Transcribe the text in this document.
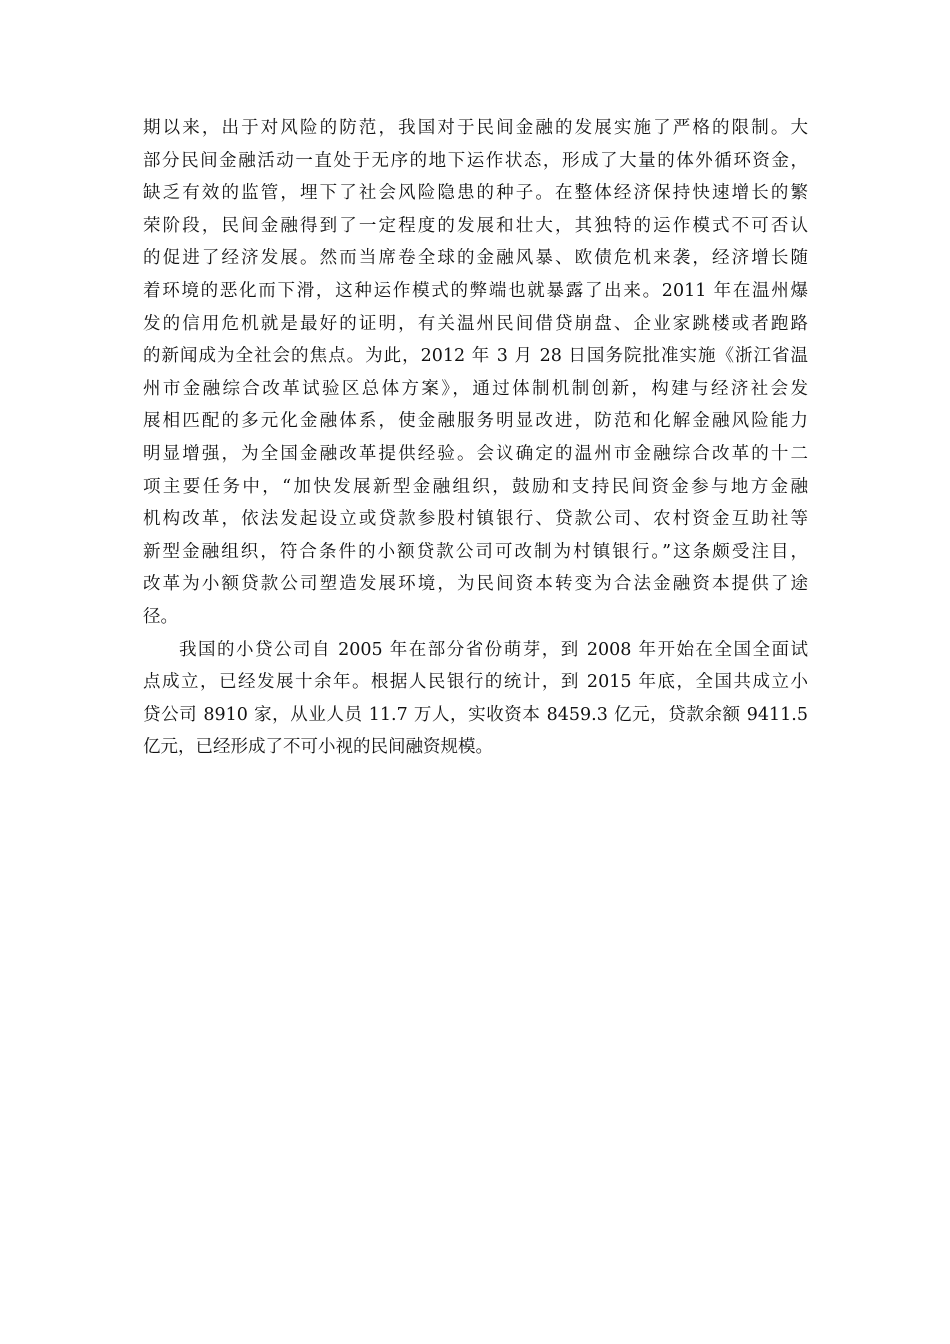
期以来，出于对风险的防范，我国对于民间金融的发展实施了严格的限制。大
部分民间金融活动一直处于无序的地下运作状态，形成了大量的体外循环资金，
缺乏有效的监管，埋下了社会风险隐患的种子。在整体经济保持快速增长的繁
荣阶段，民间金融得到了一定程度的发展和壮大，其独特的运作模式不可否认
的促进了经济发展。然而当席卷全球的金融风暴、欧债危机来袭，经济增长随
着环境的恶化而下滑，这种运作模式的弊端也就暴露了出来。2011 年在温州爆
发的信用危机就是最好的证明，有关温州民间借贷崩盘、企业家跳楼或者跑路
的新闻成为全社会的焦点。为此，2012 年 3 月 28 日国务院批准实施《浙江省温
州市金融综合改革试验区总体方案》，通过体制机制创新，构建与经济社会发
展相匹配的多元化金融体系，使金融服务明显改进，防范和化解金融风险能力
明显增强，为全国金融改革提供经验。会议确定的温州市金融综合改革的十二
项主要任务中，“加快发展新型金融组织，鼓励和支持民间资金参与地方金融
机构改革，依法发起设立或贷款参股村镇银行、贷款公司、农村资金互助社等
新型金融组织，符合条件的小额贷款公司可改制为村镇银行。”这条颇受注目，
改革为小额贷款公司塑造发展环境，为民间资本转变为合法金融资本提供了途
径。
我国的小贷公司自 2005 年在部分省份萌芽，到 2008 年开始在全国全面试
点成立，已经发展十余年。根据人民银行的统计，到 2015 年底，全国共成立小
贷公司 8910 家，从业人员 11.7 万人，实收资本 8459.3 亿元，贷款余额 9411.5
亿元，已经形成了不可小视的民间融资规模。
